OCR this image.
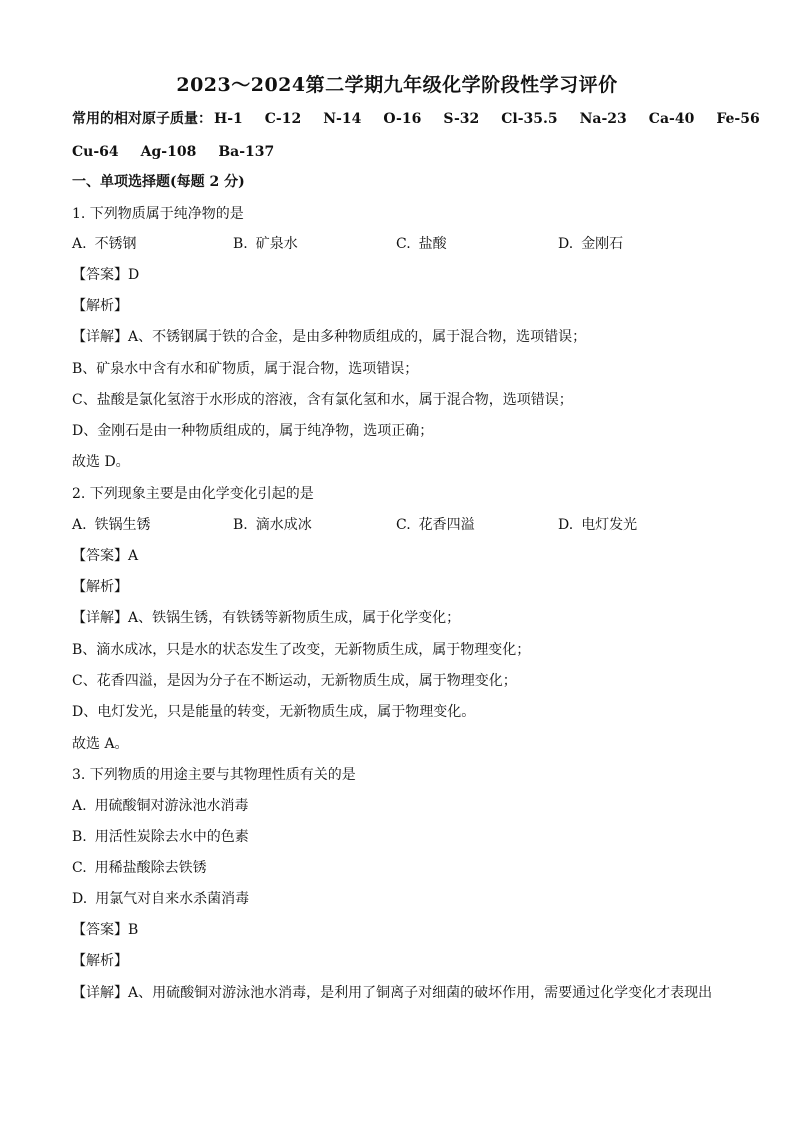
2023～2024第二学期九年级化学阶段性学习评价
常用的相对原子质量： H-1 C-12 N-14 O-16 S-32 Cl-35.5 Na-23 Ca-40 Fe-56
Cu-64 Ag-108 Ba-137
一、单项选择题(每题 2 分)
1. 下列物质属于纯净物的是
A. 不锈钢	B. 矿泉水	C. 盐酸	D. 金刚石
【答案】D
【解析】
【详解】A、不锈钢属于铁的合金，是由多种物质组成的，属于混合物，选项错误；
B、矿泉水中含有水和矿物质，属于混合物，选项错误；
C、盐酸是氯化氢溶于水形成的溶液，含有氯化氢和水，属于混合物，选项错误；
D、金刚石是由一种物质组成的，属于纯净物，选项正确；
故选 D。
2. 下列现象主要是由化学变化引起的是
A. 铁锅生锈	B. 滴水成冰	C. 花香四溢	D. 电灯发光
【答案】A
【解析】
【详解】A、铁锅生锈，有铁锈等新物质生成，属于化学变化；
B、滴水成冰，只是水的状态发生了改变，无新物质生成，属于物理变化；
C、花香四溢，是因为分子在不断运动，无新物质生成，属于物理变化；
D、电灯发光，只是能量的转变，无新物质生成，属于物理变化。
故选 A。
3. 下列物质的用途主要与其物理性质有关的是
A. 用硫酸铜对游泳池水消毒
B. 用活性炭除去水中的色素
C. 用稀盐酸除去铁锈
D. 用氯气对自来水杀菌消毒
【答案】B
【解析】
【详解】A、用硫酸铜对游泳池水消毒，是利用了铜离子对细菌的破坏作用，需要通过化学变化才表现出
